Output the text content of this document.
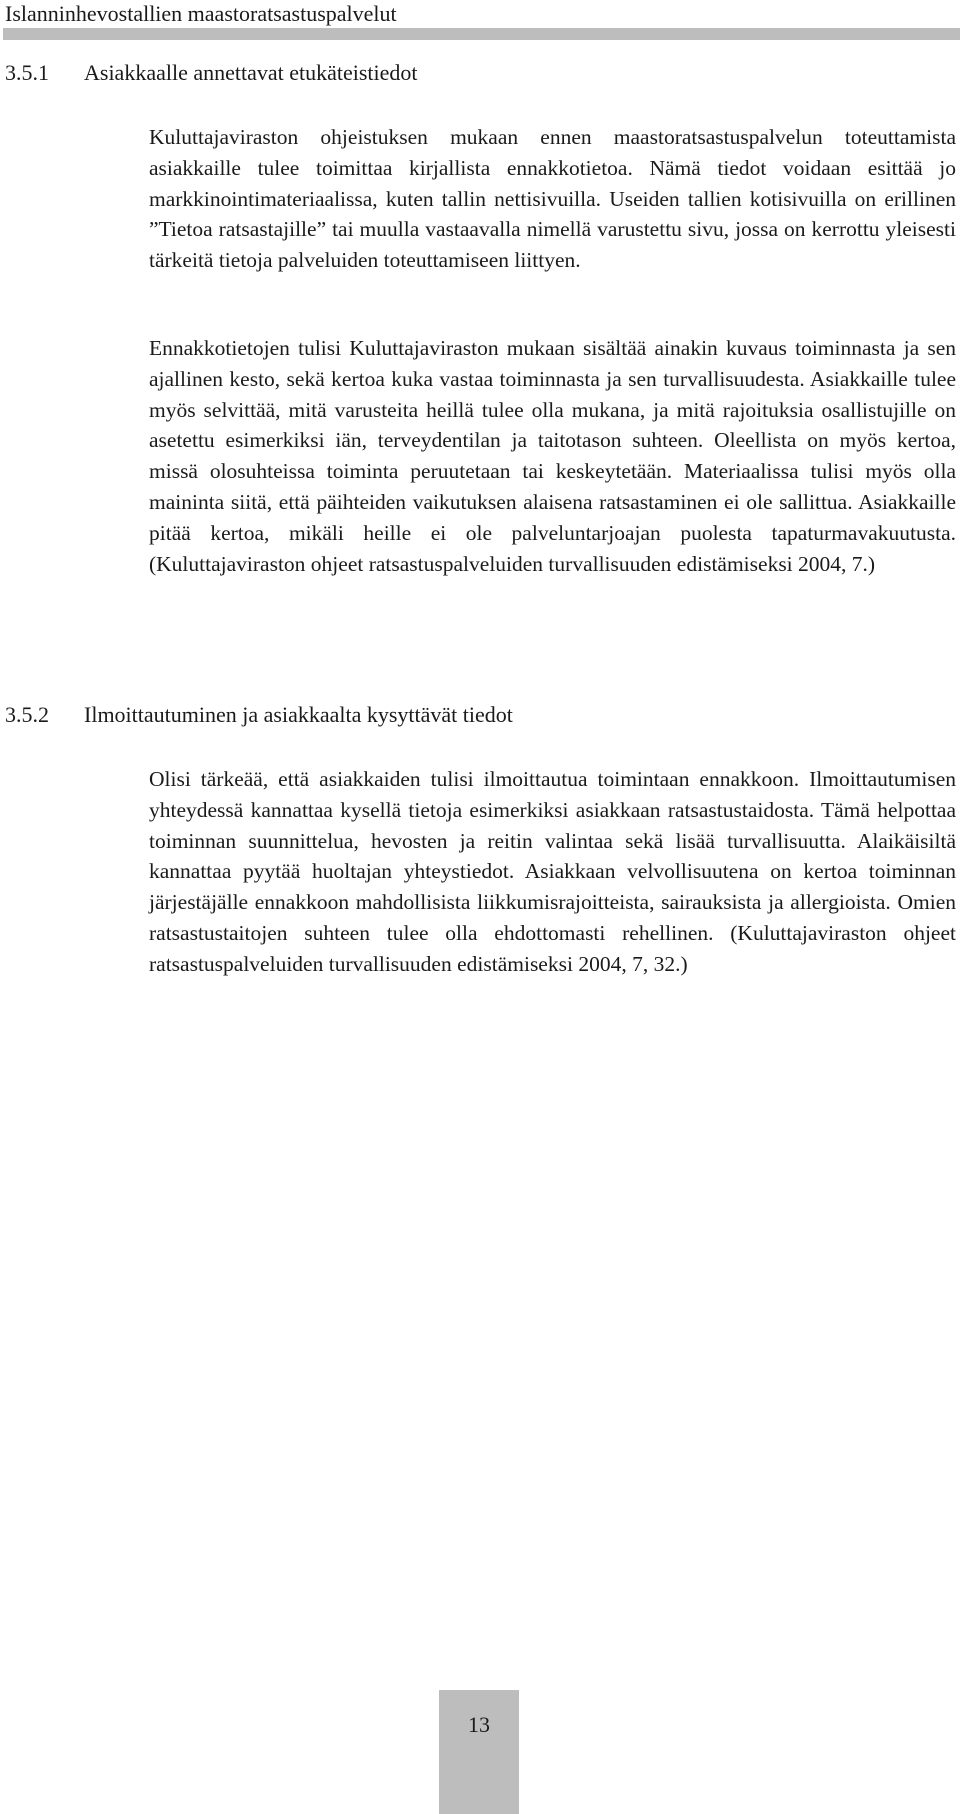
Islanninhevostallien maastoratsastuspalvelut
3.5.1 Asiakkaalle annettavat etukäteistiedot

Kuluttajaviraston ohjeistuksen mukaan ennen maastoratsastuspalvelun toteuttamista asiakkaille tulee toimittaa kirjallista ennakkotietoa. Nämä tiedot voidaan esittää jo markkinointimateriaalissa, kuten tallin nettisivuilla. Useiden tallien kotisivuilla on erillinen ”Tietoa ratsastajille” tai muulla vastaavalla nimellä varustettu sivu, jossa on kerrottu yleisesti tärkeitä tietoja palveluiden toteuttamiseen liittyen.

Ennakkotietojen tulisi Kuluttajaviraston mukaan sisältää ainakin kuvaus toiminnasta ja sen ajallinen kesto, sekä kertoa kuka vastaa toiminnasta ja sen turvallisuudesta. Asiakkaille tulee myös selvittää, mitä varusteita heillä tulee olla mukana, ja mitä rajoituksia osallistujille on asetettu esimerkiksi iän, terveydentilan ja taitotason suhteen. Oleellista on myös kertoa, missä olosuhteissa toiminta peruutetaan tai keskeytetään. Materiaalissa tulisi myös olla maininta siitä, että päihteiden vaikutuksen alaisena ratsastaminen ei ole sallittua. Asiakkaille pitää kertoa, mikäli heille ei ole palveluntarjoajan puolesta tapaturmavakuutusta. (Kuluttajaviraston ohjeet ratsastuspalveluiden turvallisuuden edistämiseksi 2004, 7.)

3.5.2 Ilmoittautuminen ja asiakkaalta kysyttävät tiedot

Olisi tärkeää, että asiakkaiden tulisi ilmoittautua toimintaan ennakkoon. Ilmoittautumisen yhteydessä kannattaa kysellä tietoja esimerkiksi asiakkaan ratsastustaidosta. Tämä helpottaa toiminnan suunnittelua, hevosten ja reitin valintaa sekä lisää turvallisuutta. Alaikäisiltä kannattaa pyytää huoltajan yhteystiedot. Asiakkaan velvollisuutena on kertoa toiminnan järjestäjälle ennakkoon mahdollisista liikkumisrajoitteista, sairauksista ja allergioista. Omien ratsastustaitojen suhteen tulee olla ehdottomasti rehellinen. (Kuluttajaviraston ohjeet ratsastuspalveluiden turvallisuuden edistämiseksi 2004, 7, 32.)

13
